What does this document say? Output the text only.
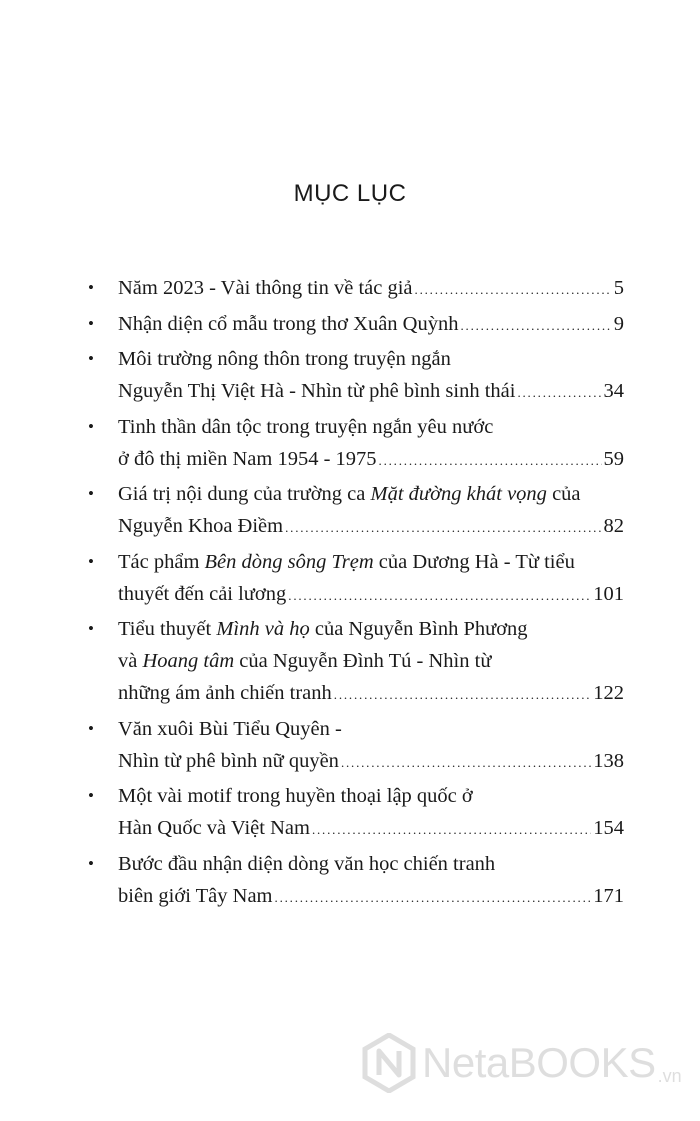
MỤC LỤC
• Năm 2023 - Vài thông tin về tác giả .....	5
• Nhận diện cổ mẫu trong thơ Xuân Quỳnh .....	9
• Môi trường nông thôn trong truyện ngắn
Nguyễn Thị Việt Hà - Nhìn từ phê bình sinh thái .....	34
• Tinh thần dân tộc trong truyện ngắn yêu nước
ở đô thị miền Nam 1954 - 1975 .....	59
• Giá trị nội dung của trường ca Mặt đường khát vọng của
Nguyễn Khoa Điềm .....	82
• Tác phẩm Bên dòng sông Trẹm của Dương Hà - Từ tiểu
thuyết đến cải lương .....	101
• Tiểu thuyết Mình và họ của Nguyễn Bình Phương
và Hoang tâm của Nguyễn Đình Tú - Nhìn từ
những ám ảnh chiến tranh .....	122
• Văn xuôi Bùi Tiểu Quyên -
Nhìn từ phê bình nữ quyền .....	138
• Một vài motif trong huyền thoại lập quốc ở
Hàn Quốc và Việt Nam .....	154
• Bước đầu nhận diện dòng văn học chiến tranh
biên giới Tây Nam .....	171
NetaBOOKS .vn
